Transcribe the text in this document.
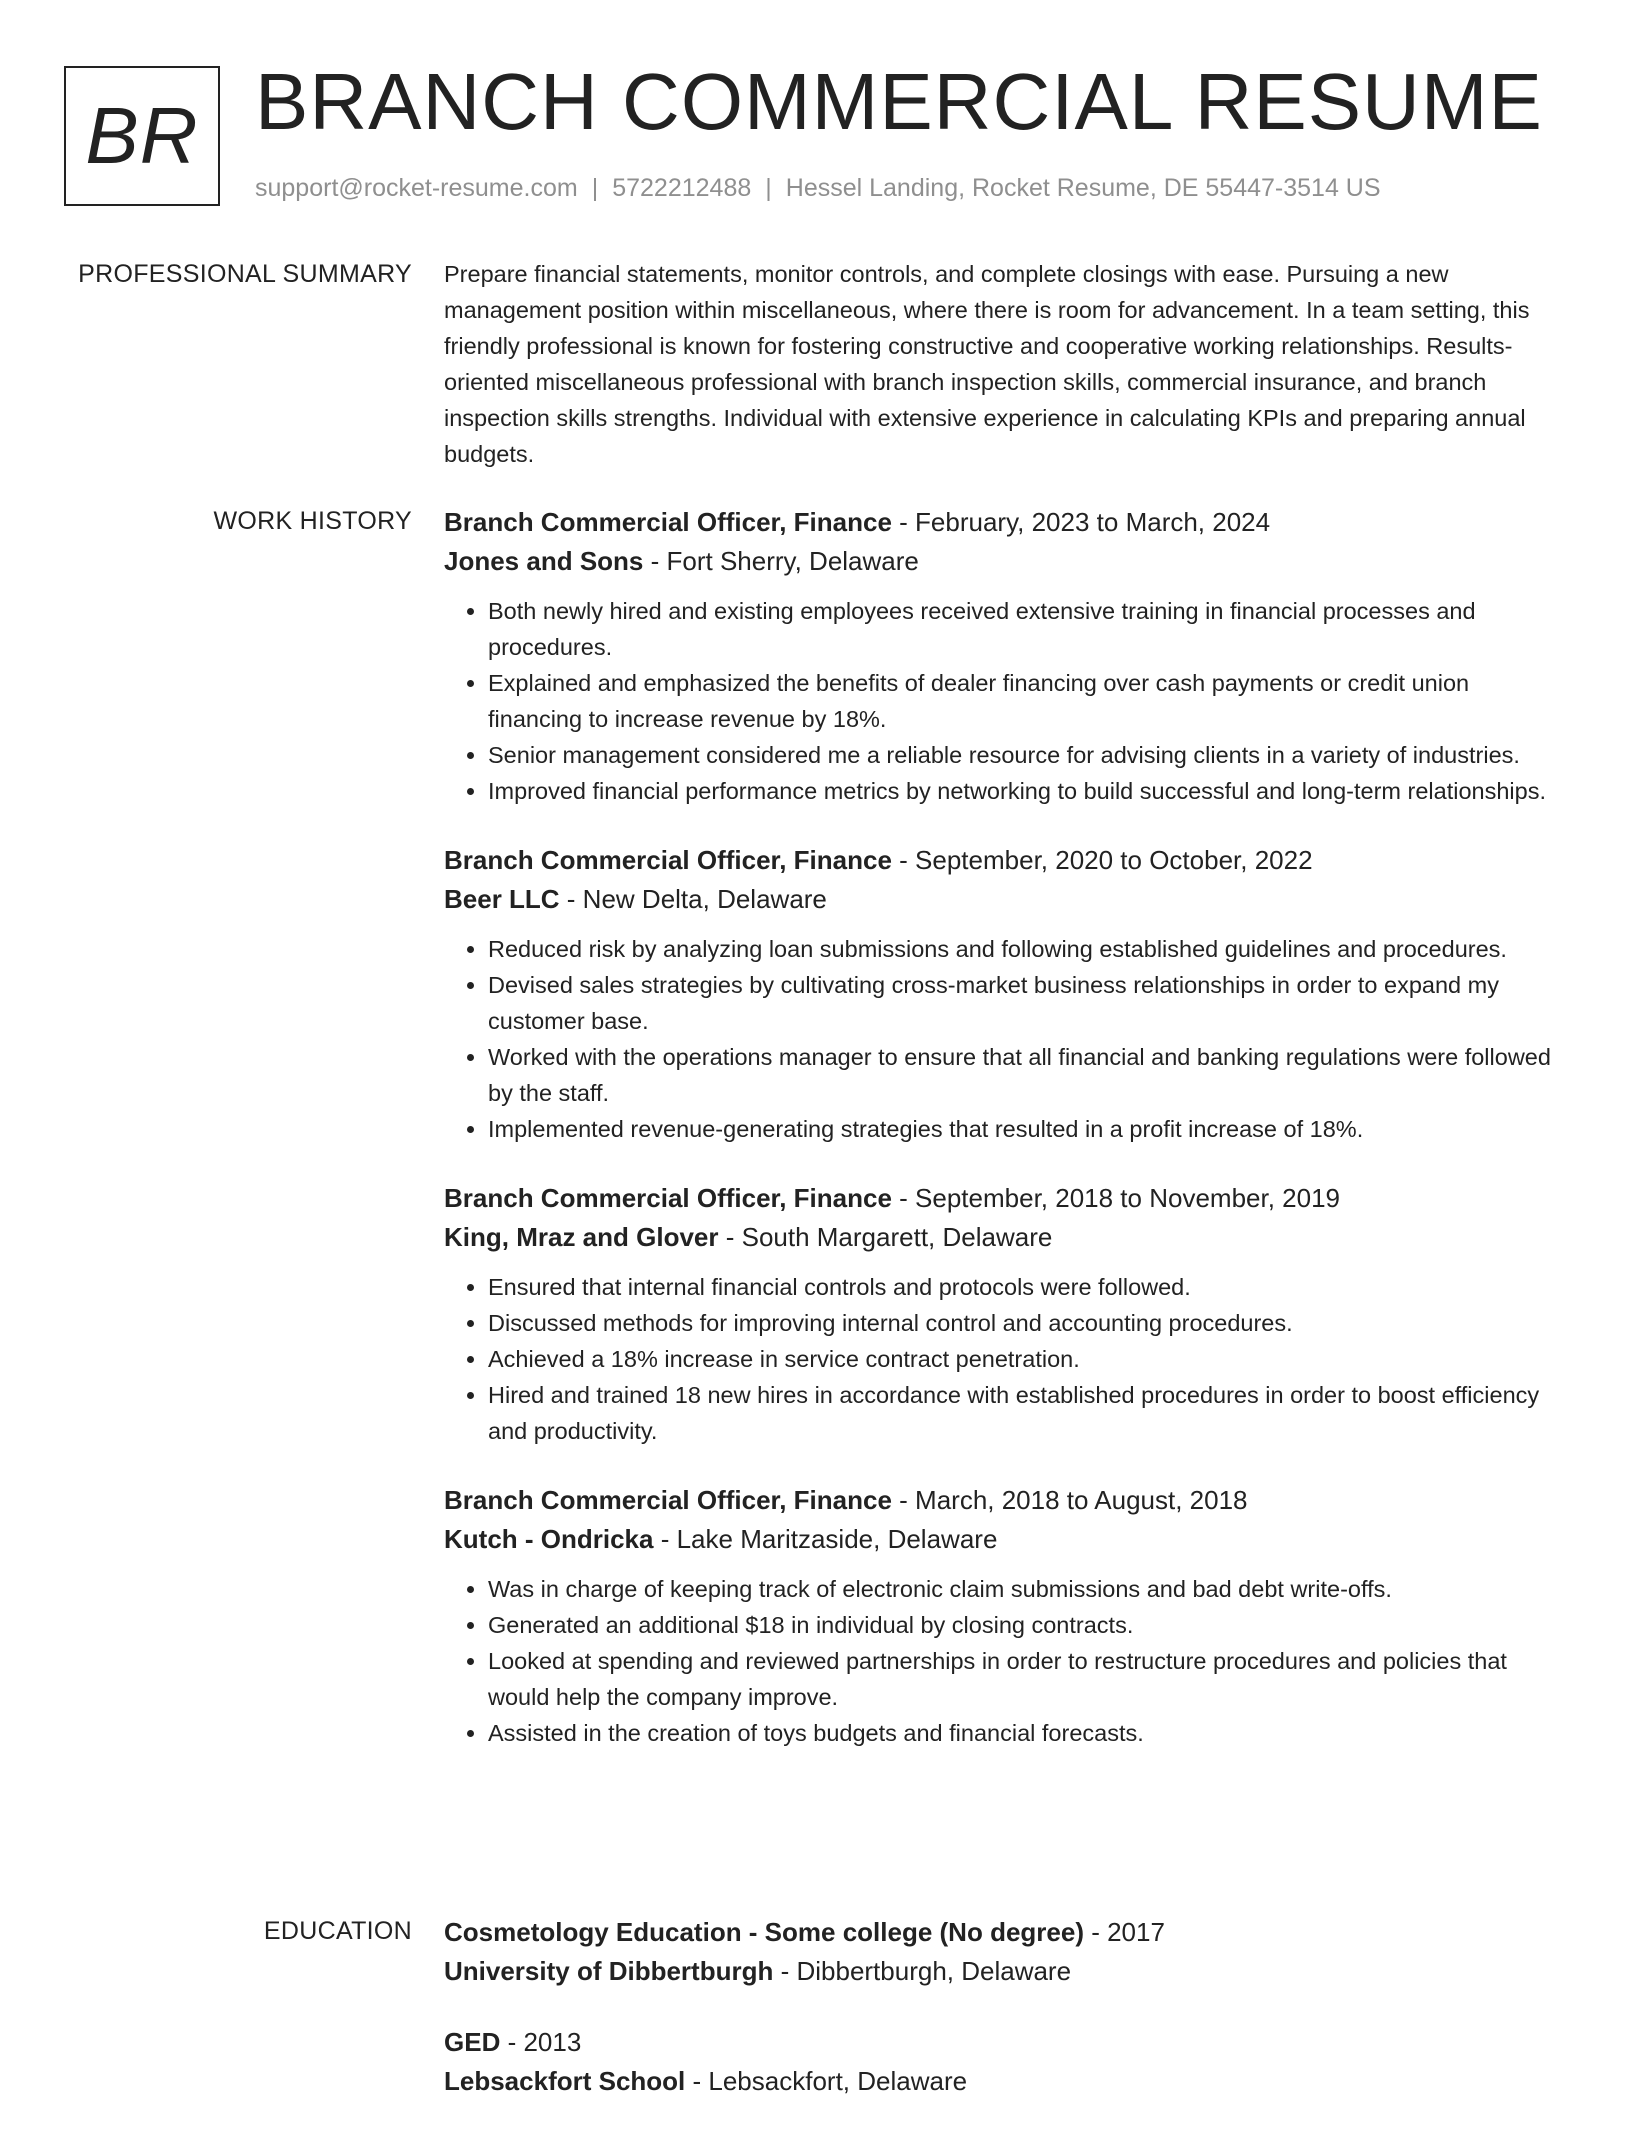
BR BRANCH COMMERCIAL RESUME
support@rocket-resume.com | 5722212488 | Hessel Landing, Rocket Resume, DE 55447-3514 US
PROFESSIONAL SUMMARY Prepare financial statements, monitor controls, and complete closings with ease. Pursuing a new management position within miscellaneous, where there is room for advancement. In a team setting, this friendly professional is known for fostering constructive and cooperative working relationships. Results-oriented miscellaneous professional with branch inspection skills, commercial insurance, and branch inspection skills strengths. Individual with extensive experience in calculating KPIs and preparing annual budgets.

WORK HISTORY Branch Commercial Officer, Finance - February, 2023 to March, 2024
Jones and Sons - Fort Sherry, Delaware
• Both newly hired and existing employees received extensive training in financial processes and procedures.
• Explained and emphasized the benefits of dealer financing over cash payments or credit union financing to increase revenue by 18%.
• Senior management considered me a reliable resource for advising clients in a variety of industries.
• Improved financial performance metrics by networking to build successful and long-term relationships.
Branch Commercial Officer, Finance - September, 2020 to October, 2022
Beer LLC - New Delta, Delaware
• Reduced risk by analyzing loan submissions and following established guidelines and procedures.
• Devised sales strategies by cultivating cross-market business relationships in order to expand my customer base.
• Worked with the operations manager to ensure that all financial and banking regulations were followed by the staff.
• Implemented revenue-generating strategies that resulted in a profit increase of 18%.
Branch Commercial Officer, Finance - September, 2018 to November, 2019
King, Mraz and Glover - South Margarett, Delaware
• Ensured that internal financial controls and protocols were followed.
• Discussed methods for improving internal control and accounting procedures.
• Achieved a 18% increase in service contract penetration.
• Hired and trained 18 new hires in accordance with established procedures in order to boost efficiency and productivity.
Branch Commercial Officer, Finance - March, 2018 to August, 2018
Kutch - Ondricka - Lake Maritzaside, Delaware
• Was in charge of keeping track of electronic claim submissions and bad debt write-offs.
• Generated an additional $18 in individual by closing contracts.
• Looked at spending and reviewed partnerships in order to restructure procedures and policies that would help the company improve.
• Assisted in the creation of toys budgets and financial forecasts.
EDUCATION Cosmetology Education - Some college (No degree) - 2017
University of Dibbertburgh - Dibbertburgh, Delaware
GED - 2013
Lebsackfort School - Lebsackfort, Delaware
